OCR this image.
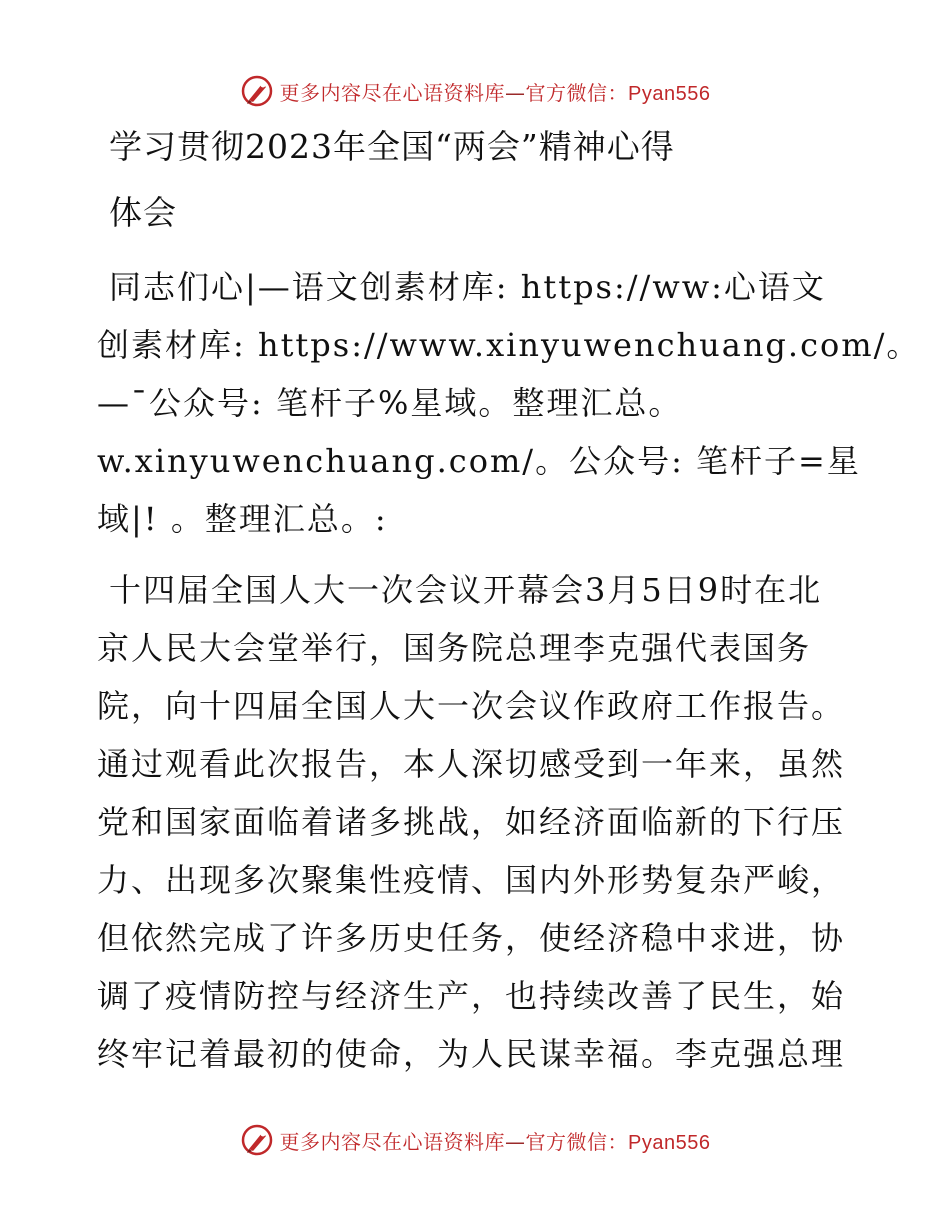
更多内容尽在心语资料库—官方微信：Pyan556
学习贯彻2023年全国“两会”精神心得
体会
同志们心|—语文创素材库: https://ww:心语文
创素材库: https://www.xinyuwenchuang.com/。
—¯公众号: 笔杆子%星域。整理汇总。
w.xinyuwenchuang.com/。公众号: 笔杆子=星
域|! 。整理汇总。:
十四届全国人大一次会议开幕会3月5日9时在北
京人民大会堂举行，国务院总理李克强代表国务
院，向十四届全国人大一次会议作政府工作报告。
通过观看此次报告，本人深切感受到一年来，虽然
党和国家面临着诸多挑战，如经济面临新的下行压
力、出现多次聚集性疫情、国内外形势复杂严峻，
但依然完成了许多历史任务，使经济稳中求进，协
调了疫情防控与经济生产，也持续改善了民生，始
终牢记着最初的使命，为人民谋幸福。李克强总理
更多内容尽在心语资料库—官方微信：Pyan556
